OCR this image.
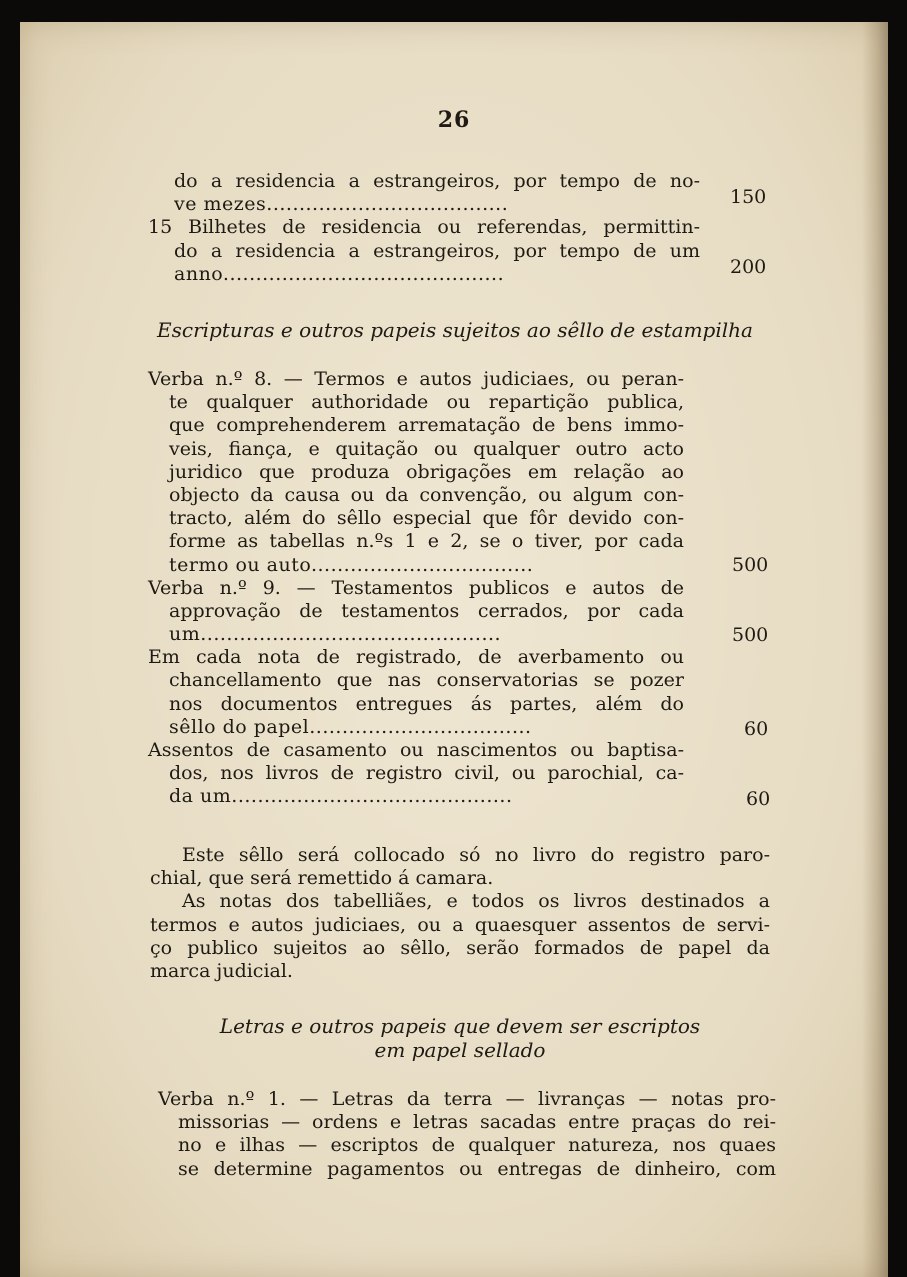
26
do a residencia a estrangeiros, por tempo de no-
ve mezes.....................................
15 Bilhetes de residencia ou referendas, permittin-
do a residencia a estrangeiros, por tempo de um
anno...........................................
150
200
Escripturas e outros papeis sujeitos ao sêllo de estampilha
Verba n.º 8. — Termos e autos judiciaes, ou peran-
te qualquer authoridade ou repartição publica,
que comprehenderem arrematação de bens immo-
veis, fiança, e quitação ou qualquer outro acto
juridico que produza obrigações em relação ao
objecto da causa ou da convenção, ou algum con-
tracto, além do sêllo especial que fôr devido con-
forme as tabellas n.ºs 1 e 2, se o tiver, por cada
termo ou auto..................................
Verba n.º 9. — Testamentos publicos e autos de
approvação de testamentos cerrados, por cada
um..............................................
Em cada nota de registrado, de averbamento ou
chancellamento que nas conservatorias se pozer
nos documentos entregues ás partes, além do
sêllo do papel..................................
Assentos de casamento ou nascimentos ou baptisa-
dos, nos livros de registro civil, ou parochial, ca-
da um...........................................
500
500
60
60
Este sêllo será collocado só no livro do registro paro-
chial, que será remettido á camara.
As notas dos tabelliães, e todos os livros destinados a
termos e autos judiciaes, ou a quaesquer assentos de servi-
ço publico sujeitos ao sêllo, serão formados de papel da
marca judicial.
Letras e outros papeis que devem ser escriptos
em papel sellado
Verba n.º 1. — Letras da terra — livranças — notas pro-
missorias — ordens e letras sacadas entre praças do rei-
no e ilhas — escriptos de qualquer natureza, nos quaes
se determine pagamentos ou entregas de dinheiro, com
